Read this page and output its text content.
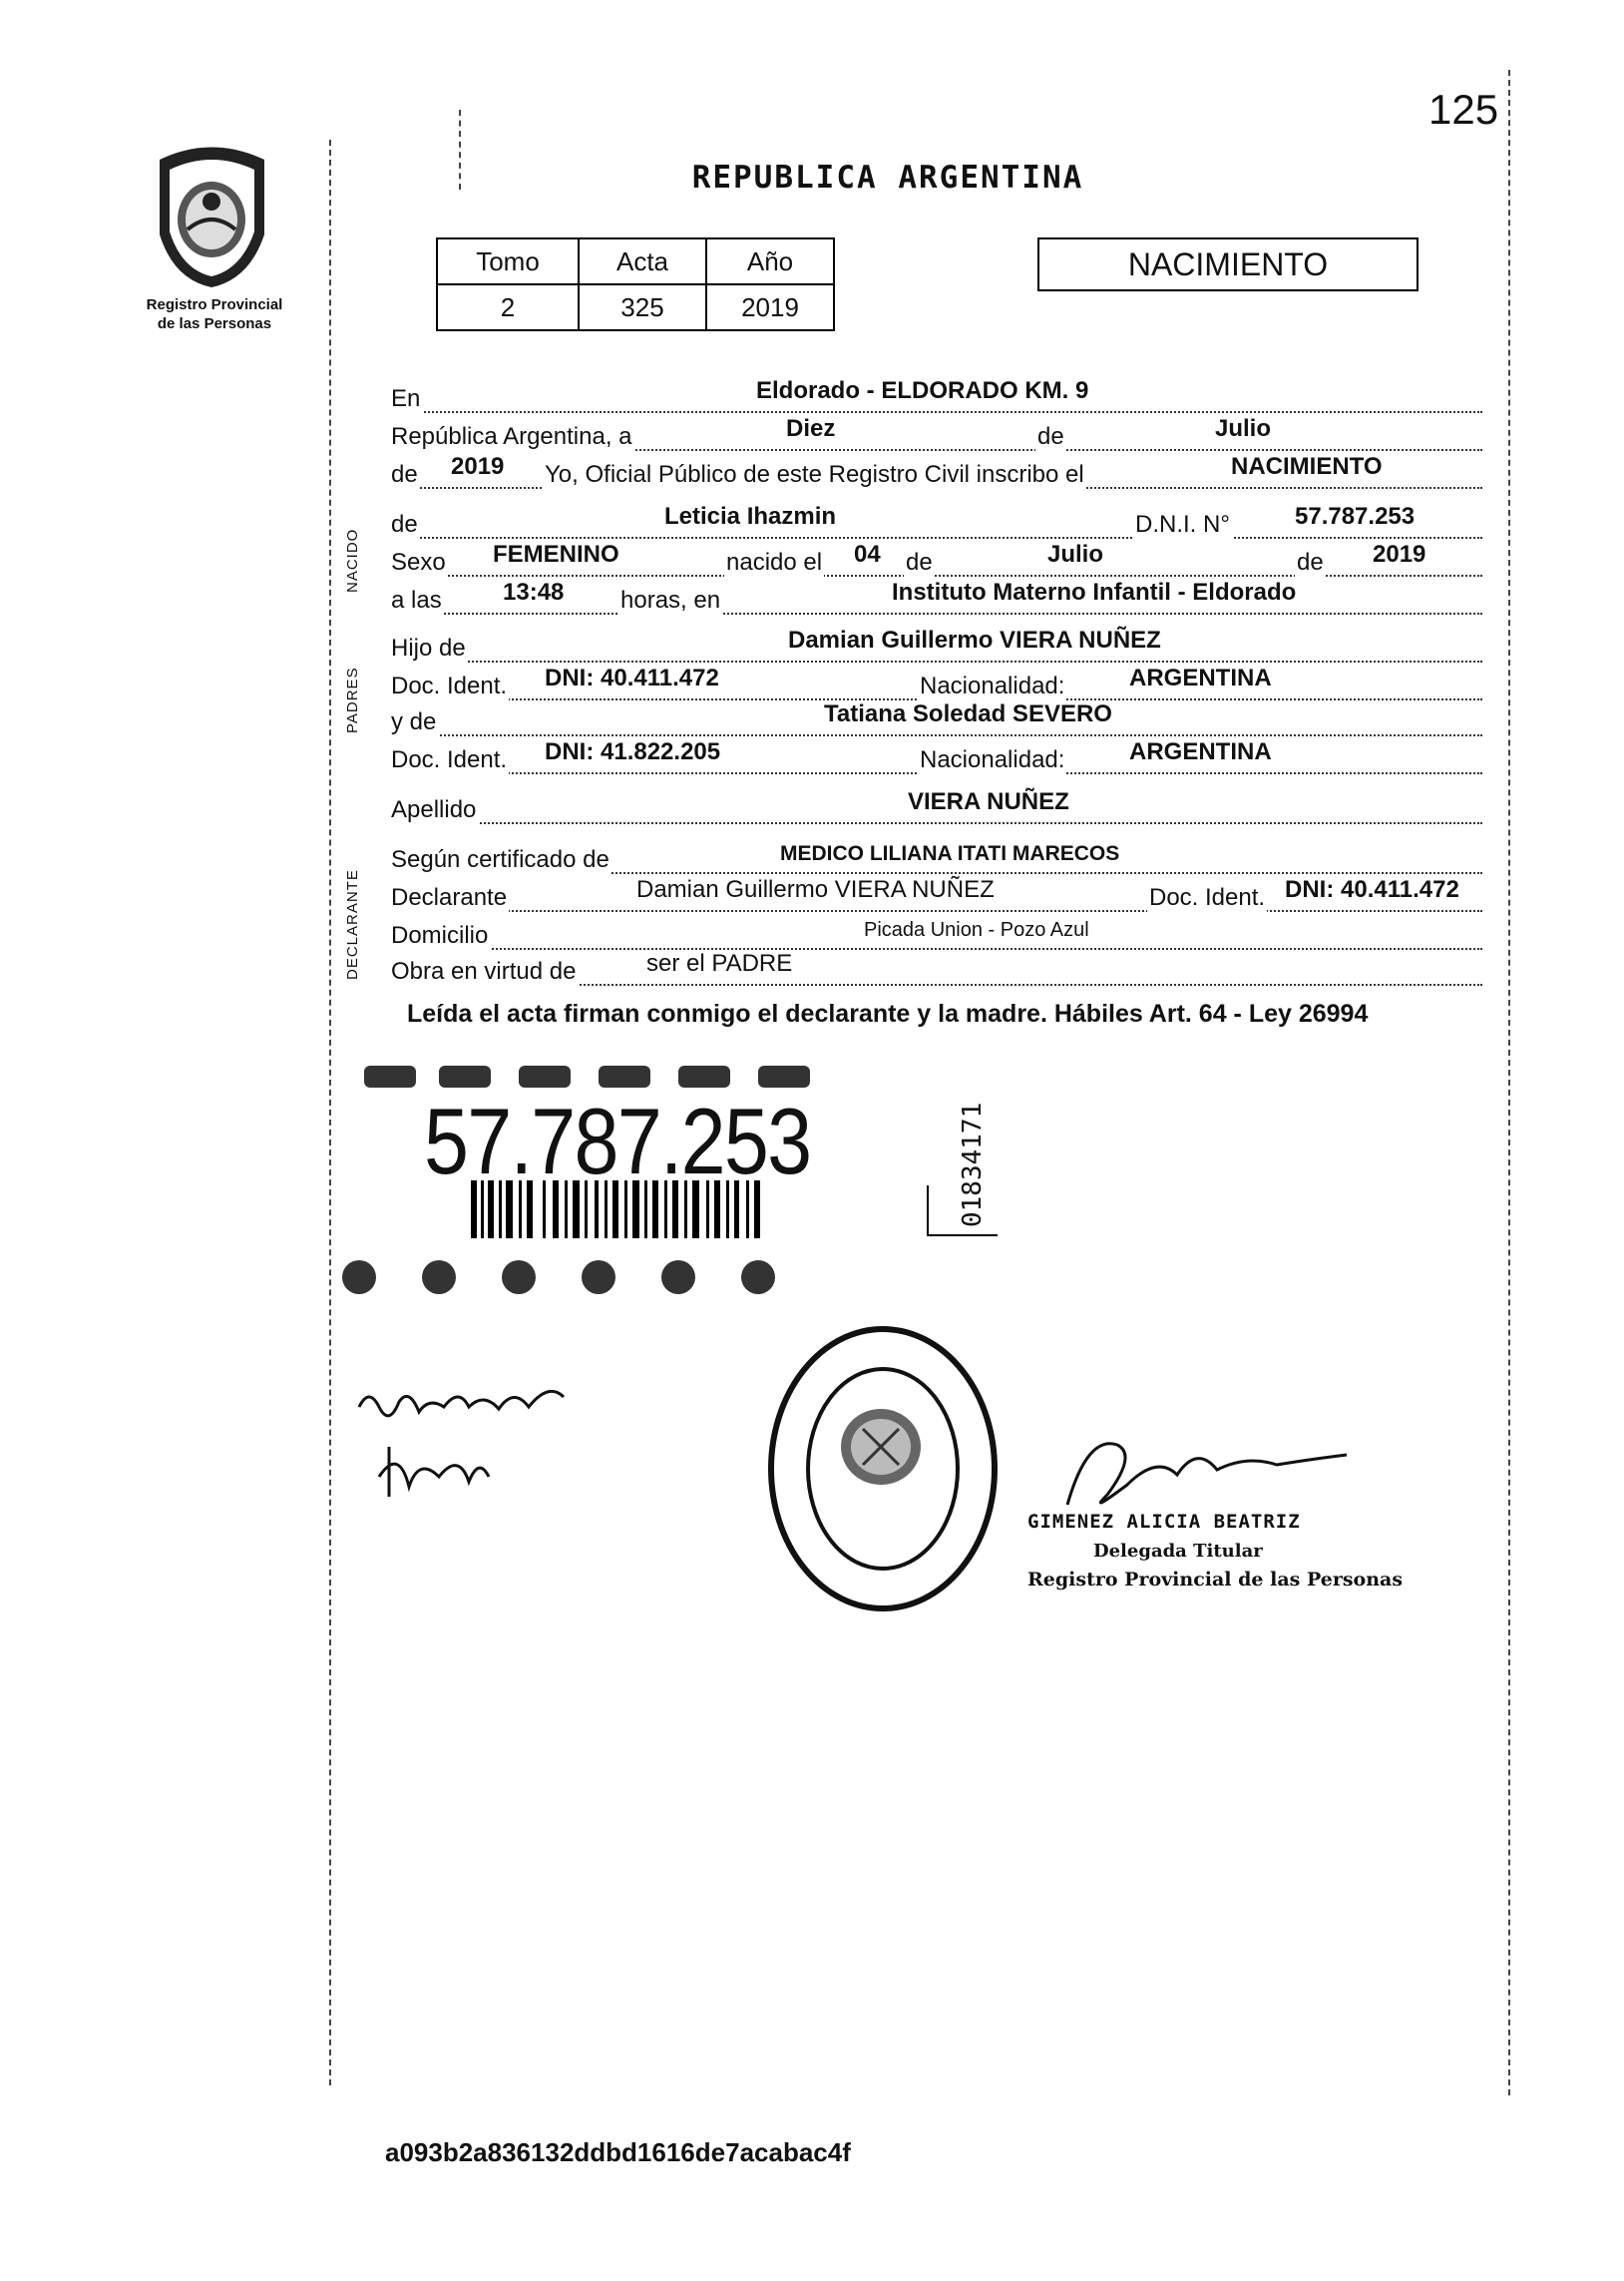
125
Registro Provincial
de las Personas
REPUBLICA ARGENTINA
Tomo	Acta	Año
2	325	2019
NACIMIENTO
NACIDO
PADRES
DECLARANTE
En	Eldorado - ELDORADO KM. 9
República Argentina, a	Diez	de	Julio
de 2019 Yo, Oficial Público de este Registro Civil inscribo el	NACIMIENTO
de	Leticia Ihazmin	D.N.I. N°	57.787.253
Sexo FEMENINO	nacido el 04 de	Julio	de 2019
a las	13:48 horas, en	Instituto Materno Infantil - Eldorado
Hijo de	Damian Guillermo VIERA NUÑEZ
Doc. Ident. DNI: 40.411.472	Nacionalidad:	ARGENTINA
y de	Tatiana Soledad SEVERO
Doc. Ident. DNI: 41.822.205	Nacionalidad:	ARGENTINA
Apellido	VIERA NUÑEZ
Según certificado de	MEDICO LILIANA ITATI MARECOS
Declarante	Damian Guillermo VIERA NUÑEZ	Doc. Ident. DNI: 40.411.472
Domicilio	Picada Union - Pozo Azul
Obra en virtud de	ser el PADRE
Leída el acta firman conmigo el declarante y la madre. Hábiles Art. 64 - Ley 26994
57.787.253	01834171
GIMENEZ ALICIA BEATRIZ
Delegada Titular
Registro Provincial de las Personas
a093b2a836132ddbd1616de7acabac4f
